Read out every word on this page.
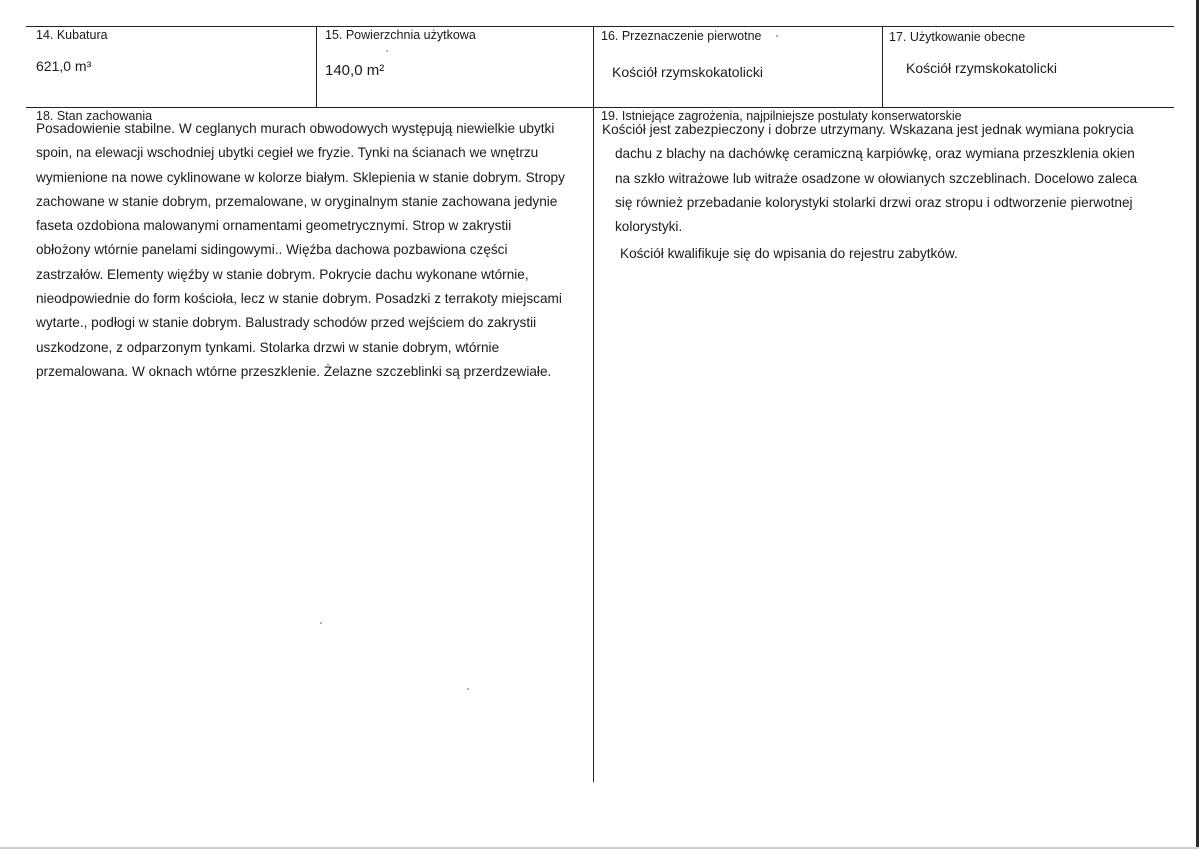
14. Kubatura
621,0 m³
15. Powierzchnia użytkowa
140,0 m²
16. Przeznaczenie pierwotne
Kościół rzymskokatolicki
17. Użytkowanie obecne
Kościół rzymskokatolicki
18. Stan zachowania
Posadowienie stabilne. W ceglanych murach obwodowych występują niewielkie ubytki
spoin, na elewacji wschodniej ubytki cegieł we fryzie. Tynki na ścianach we wnętrzu
wymienione na nowe cyklinowane w kolorze białym. Sklepienia w stanie dobrym. Stropy
zachowane w stanie dobrym, przemalowane, w oryginalnym stanie zachowana jedynie
faseta ozdobiona malowanymi ornamentami geometrycznymi. Strop w zakrystii
obłożony wtórnie panelami sidingowymi.. Więźba dachowa pozbawiona części
zastrzałów. Elementy więźby w stanie dobrym. Pokrycie dachu wykonane wtórnie,
nieodpowiednie do form kościoła, lecz w stanie dobrym. Posadzki z terrakoty miejscami
wytarte., podłogi w stanie dobrym. Balustrady schodów przed wejściem do zakrystii
uszkodzone, z odparzonym tynkami. Stolarka drzwi w stanie dobrym, wtórnie
przemalowana. W oknach wtórne przeszklenie. Żelazne szczeblinki są przerdzewiałe.
19. Istniejące zagrożenia, najpilniejsze postulaty konserwatorskie
Kościół jest zabezpieczony i dobrze utrzymany. Wskazana jest jednak wymiana pokrycia
dachu z blachy na dachówkę ceramiczną karpiówkę, oraz wymiana przeszklenia okien
na szkło witrażowe lub witraże osadzone w ołowianych szczeblinach. Docelowo zaleca
się również przebadanie kolorystyki stolarki drzwi oraz stropu i odtworzenie pierwotnej
kolorystyki.
Kościół kwalifikuje się do wpisania do rejestru zabytków.
